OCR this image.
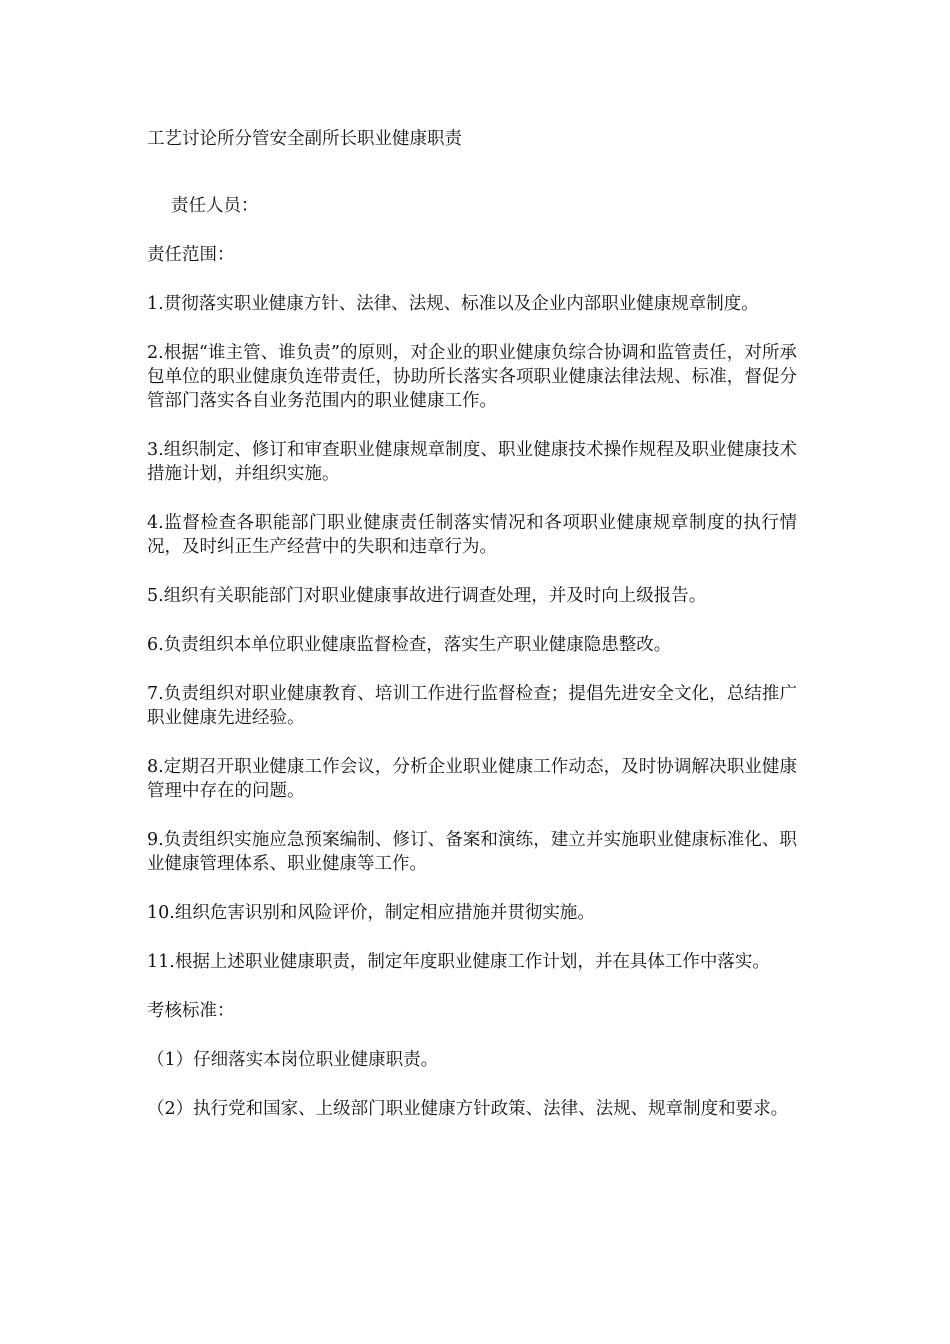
工艺讨论所分管安全副所长职业健康职责
责任人员：
责任范围：
1.贯彻落实职业健康方针、法律、法规、标准以及企业内部职业健康规章制度。
2.根据“谁主管、谁负责”的原则，对企业的职业健康负综合协调和监管责任，对所承包单位的职业健康负连带责任，协助所长落实各项职业健康法律法规、标准，督促分管部门落实各自业务范围内的职业健康工作。
3.组织制定、修订和审查职业健康规章制度、职业健康技术操作规程及职业健康技术措施计划，并组织实施。
4.监督检查各职能部门职业健康责任制落实情况和各项职业健康规章制度的执行情况，及时纠正生产经营中的失职和违章行为。
5.组织有关职能部门对职业健康事故进行调查处理，并及时向上级报告。
6.负责组织本单位职业健康监督检查，落实生产职业健康隐患整改。
7.负责组织对职业健康教育、培训工作进行监督检查；提倡先进安全文化，总结推广职业健康先进经验。
8.定期召开职业健康工作会议，分析企业职业健康工作动态，及时协调解决职业健康管理中存在的问题。
9.负责组织实施应急预案编制、修订、备案和演练，建立并实施职业健康标准化、职业健康管理体系、职业健康等工作。
10.组织危害识别和风险评价，制定相应措施并贯彻实施。
11.根据上述职业健康职责，制定年度职业健康工作计划，并在具体工作中落实。
考核标准：
（1）仔细落实本岗位职业健康职责。
（2）执行党和国家、上级部门职业健康方针政策、法律、法规、规章制度和要求。
